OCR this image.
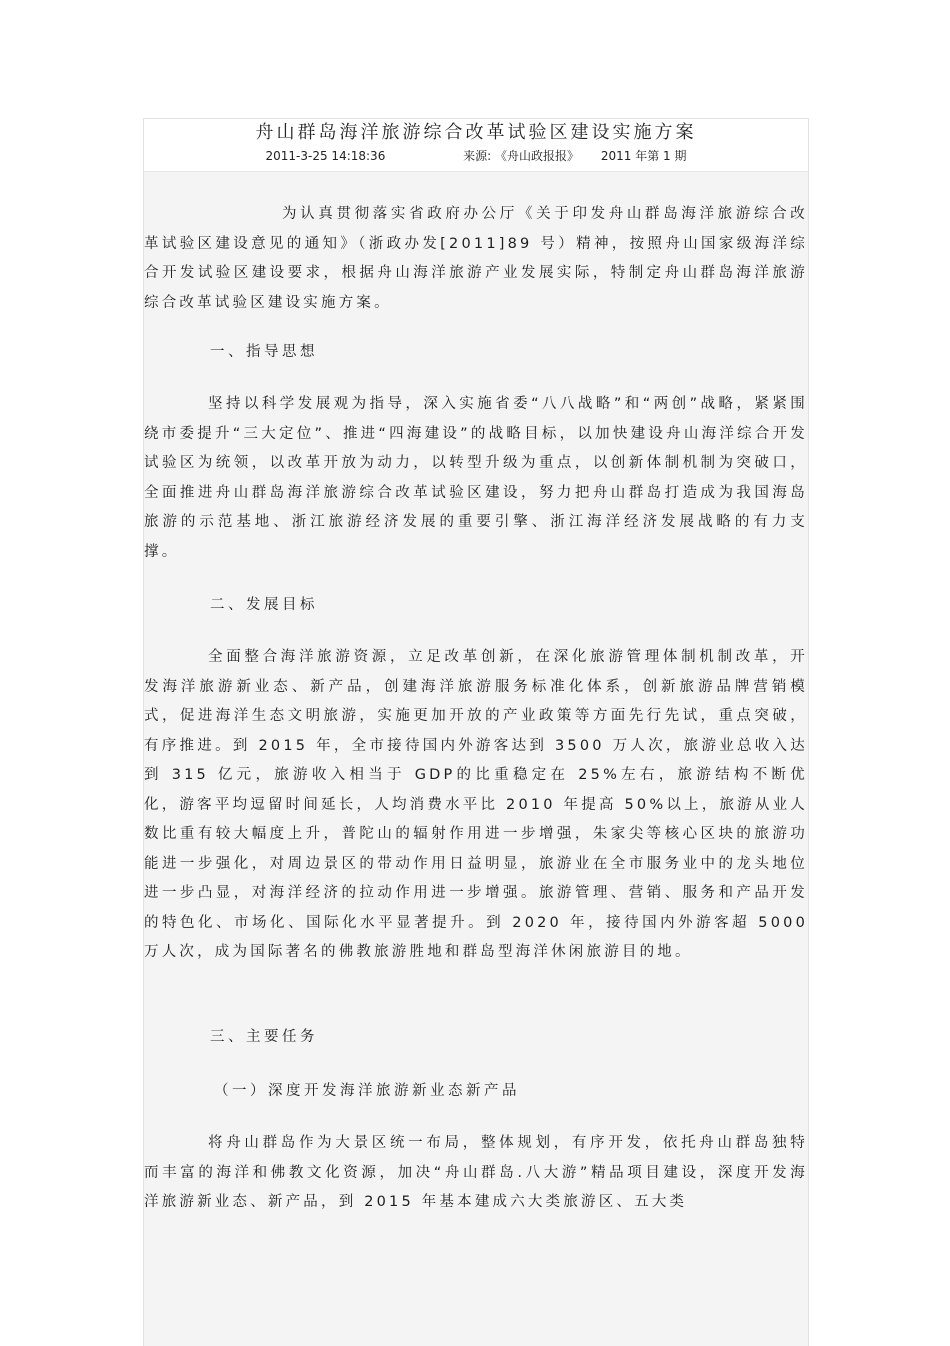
舟山群岛海洋旅游综合改革试验区建设实施方案
2011-3-25 14:18:36	来源: 《舟山政报报》 2011 年第 1 期

为认真贯彻落实省政府办公厅《关于印发舟山群岛海洋旅游综合改革试验区建设意见的通知》（浙政办发[2011]89 号）精神，按照舟山国家级海洋综合开发试验区建设要求，根据舟山海洋旅游产业发展实际，特制定舟山群岛海洋旅游综合改革试验区建设实施方案。

一、指导思想

坚持以科学发展观为指导，深入实施省委“八八战略”和“两创”战略，紧紧围绕市委提升“三大定位”、推进“四海建设”的战略目标，以加快建设舟山海洋综合开发试验区为统领，以改革开放为动力，以转型升级为重点，以创新体制机制为突破口，全面推进舟山群岛海洋旅游综合改革试验区建设，努力把舟山群岛打造成为我国海岛旅游的示范基地、浙江旅游经济发展的重要引擎、浙江海洋经济发展战略的有力支撑。

二、发展目标

全面整合海洋旅游资源，立足改革创新，在深化旅游管理体制机制改革，开发海洋旅游新业态、新产品，创建海洋旅游服务标准化体系，创新旅游品牌营销模式，促进海洋生态文明旅游，实施更加开放的产业政策等方面先行先试，重点突破，有序推进。到 2015 年，全市接待国内外游客达到 3500 万人次，旅游业总收入达到 315 亿元，旅游收入相当于 GDP的比重稳定在 25%左右，旅游结构不断优化，游客平均逗留时间延长，人均消费水平比 2010 年提高 50%以上，旅游从业人数比重有较大幅度上升，普陀山的辐射作用进一步增强，朱家尖等核心区块的旅游功能进一步强化，对周边景区的带动作用日益明显，旅游业在全市服务业中的龙头地位进一步凸显，对海洋经济的拉动作用进一步增强。旅游管理、营销、服务和产品开发的特色化、市场化、国际化水平显著提升。到 2020 年，接待国内外游客超 5000 万人次，成为国际著名的佛教旅游胜地和群岛型海洋休闲旅游目的地。

三、主要任务

（一）深度开发海洋旅游新业态新产品

将舟山群岛作为大景区统一布局，整体规划，有序开发，依托舟山群岛独特而丰富的海洋和佛教文化资源，加决“舟山群岛.八大游”精品项目建设，深度开发海洋旅游新业态、新产品，到 2015 年基本建成六大类旅游区、五大类
